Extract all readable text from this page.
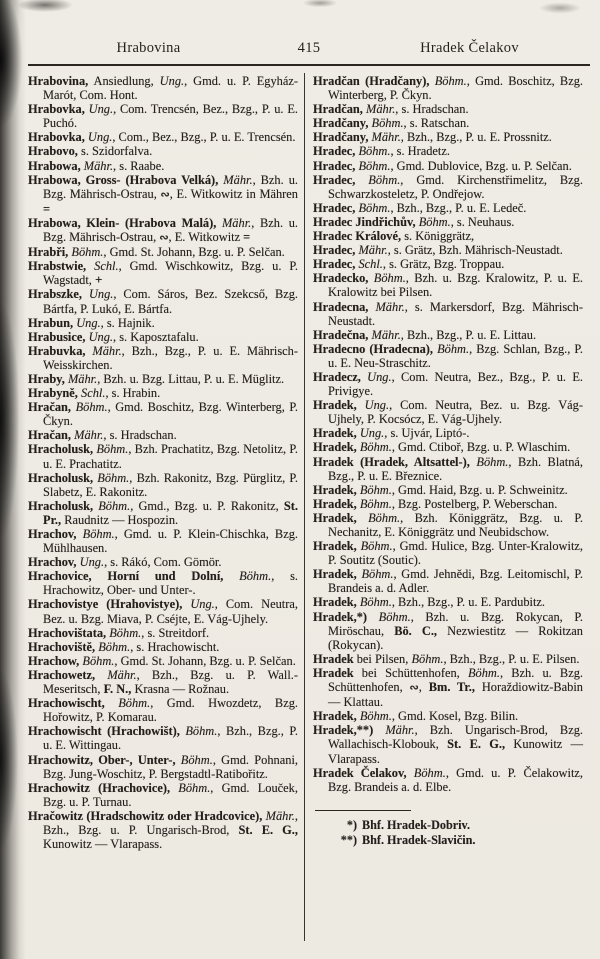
Hrabovina	415	Hradek Čelakov

Hrabovina, Ansiedlung, Ung., Gmd. u. P. Egyház-Marót, Com. Hont.

Hrabovka, Ung., Com. Trencsén, Bez., Bzg., P. u. E. Puchó.

Hrabovka, Ung., Com., Bez., Bzg., P. u. E. Trencsén.

Hrabovo, s. Szidorfalva.

Hrabowa, Mähr., s. Raabe.

Hrabowa, Gross- (Hrabova Velká), Mähr., Bzh. u. Bzg. Mährisch-Ostrau, ∾, E. Witkowitz in Mähren =

Hrabowa, Klein- (Hrabova Malá), Mähr., Bzh. u. Bzg. Mährisch-Ostrau, ∾, E. Witkowitz =

Hrabři, Böhm., Gmd. St. Johann, Bzg. u. P. Selčan.

Hrabstwie, Schl., Gmd. Wischkowitz, Bzg. u. P. Wagstadt, +

Hrabszke, Ung., Com. Sáros, Bez. Szekcső, Bzg. Bártfa, P. Lukó, E. Bártfa.

Hrabun, Ung., s. Hajnik.

Hrabusice, Ung., s. Kaposztafalu.

Hrabuvka, Mähr., Bzh., Bzg., P. u. E. Mährisch-Weisskirchen.

Hraby, Mähr., Bzh. u. Bzg. Littau, P. u. E. Müglitz.

Hrabyně, Schl., s. Hrabin.

Hračan, Böhm., Gmd. Boschitz, Bzg. Winterberg, P. Čkyn.

Hračan, Mähr., s. Hradschan.

Hracholusk, Böhm., Bzh. Prachatitz, Bzg. Netolitz, P. u. E. Prachatitz.

Hracholusk, Böhm., Bzh. Rakonitz, Bzg. Pürglitz, P. Slabetz, E. Rakonitz.

Hracholusk, Böhm., Gmd., Bzg. u. P. Rakonitz, St. Pr., Raudnitz — Hospozin.

Hrachov, Böhm., Gmd. u. P. Klein-Chischka, Bzg. Mühlhausen.

Hrachov, Ung., s. Rákó, Com. Gömör.

Hrachovice, Horní und Dolní, Böhm., s. Hrachowitz, Ober- und Unter-.

Hrachovistye (Hrahovistye), Ung., Com. Neutra, Bez. u. Bzg. Miava, P. Cséjte, E. Vág-Ujhely.

Hrachovištata, Böhm., s. Streitdorf.

Hrachoviště, Böhm., s. Hrachowischt.

Hrachow, Böhm., Gmd. St. Johann, Bzg. u. P. Selčan.

Hrachowetz, Mähr., Bzh., Bzg. u. P. Wall.-Meseritsch, F. N., Krasna — Rožnau.

Hrachowischt, Böhm., Gmd. Hwozdetz, Bzg. Hořowitz, P. Komarau.

Hrachowischt (Hrachowišt), Böhm., Bzh., Bzg., P. u. E. Wittingau.

Hrachowitz, Ober-, Unter-, Böhm., Gmd. Pohnani, Bzg. Jung-Woschitz, P. Bergstadtl-Ratibořitz.

Hrachowitz (Hrachovice), Böhm., Gmd. Louček, Bzg. u. P. Turnau.

Hračowitz (Hradschowitz oder Hradcovice), Mähr., Bzh., Bzg. u. P. Ungarisch-Brod, St. E. G., Kunowitz — Vlarapass.

Hradčan (Hradčany), Böhm., Gmd. Boschitz, Bzg. Winterberg, P. Čkyn.

Hradčan, Mähr., s. Hradschan.

Hradčany, Böhm., s. Ratschan.

Hradčany, Mähr., Bzh., Bzg., P. u. E. Prossnitz.

Hradec, Böhm., s. Hradetz.

Hradec, Böhm., Gmd. Dublovice, Bzg. u. P. Selčan.

Hradec, Böhm., Gmd. Kirchenstřimelitz, Bzg. Schwarzkosteletz, P. Ondřejow.

Hradec, Böhm., Bzh., Bzg., P. u. E. Ledeč.

Hradec Jindřichův, Böhm., s. Neuhaus.

Hradec Králové, s. Königgrätz,

Hradec, Mähr., s. Grätz, Bzh. Mährisch-Neustadt.

Hradec, Schl., s. Grätz, Bzg. Troppau.

Hradecko, Böhm., Bzh. u. Bzg. Kralowitz, P. u. E. Kralowitz bei Pilsen.

Hradecna, Mähr., s. Markersdorf, Bzg. Mährisch-Neustadt.

Hradečna, Mähr., Bzh., Bzg., P. u. E. Littau.

Hradecno (Hradecna), Böhm., Bzg. Schlan, Bzg., P. u. E. Neu-Straschitz.

Hradecz, Ung., Com. Neutra, Bez., Bzg., P. u. E. Privigye.

Hradek, Ung., Com. Neutra, Bez. u. Bzg. Vág-Ujhely, P. Kocsócz, E. Vág-Ujhely.

Hradek, Ung., s. Ujvár, Liptó-.

Hradek, Böhm., Gmd. Ctiboř, Bzg. u. P. Wlaschim.

Hradek (Hradek, Altsattel-), Böhm., Bzh. Blatná, Bzg., P. u. E. Březnice.

Hradek, Böhm., Gmd. Haid, Bzg. u. P. Schweinitz.

Hradek, Böhm., Bzg. Postelberg, P. Weberschan.

Hradek, Böhm., Bzh. Königgrätz, Bzg. u. P. Nechanitz, E. Königgrätz und Neubidschow.

Hradek, Böhm., Gmd. Hulice, Bzg. Unter-Kralowitz, P. Soutitz (Soutic).

Hradek, Böhm., Gmd. Jehnědi, Bzg. Leitomischl, P. Brandeis a. d. Adler.

Hradek, Böhm., Bzh., Bzg., P. u. E. Pardubitz.

Hradek,*) Böhm., Bzh. u. Bzg. Rokycan, P. Miröschau, Bö. C., Nezwiestitz — Rokitzan (Rokycan).

Hradek bei Pilsen, Böhm., Bzh., Bzg., P. u. E. Pilsen.

Hradek bei Schüttenhofen, Böhm., Bzh. u. Bzg. Schüttenhofen, ∾, Bm. Tr., Horaždiowitz-Babin — Klattau.

Hradek, Böhm., Gmd. Kosel, Bzg. Bilin.

Hradek,**) Mähr., Bzh. Ungarisch-Brod, Bzg. Wallachisch-Klobouk, St. E. G., Kunowitz — Vlarapass.

Hradek Čelakov, Böhm., Gmd. u. P. Čelakowitz, Bzg. Brandeis a. d. Elbe.

*) Bhf. Hradek-Dobriv.
**) Bhf. Hradek-Slavičin.
